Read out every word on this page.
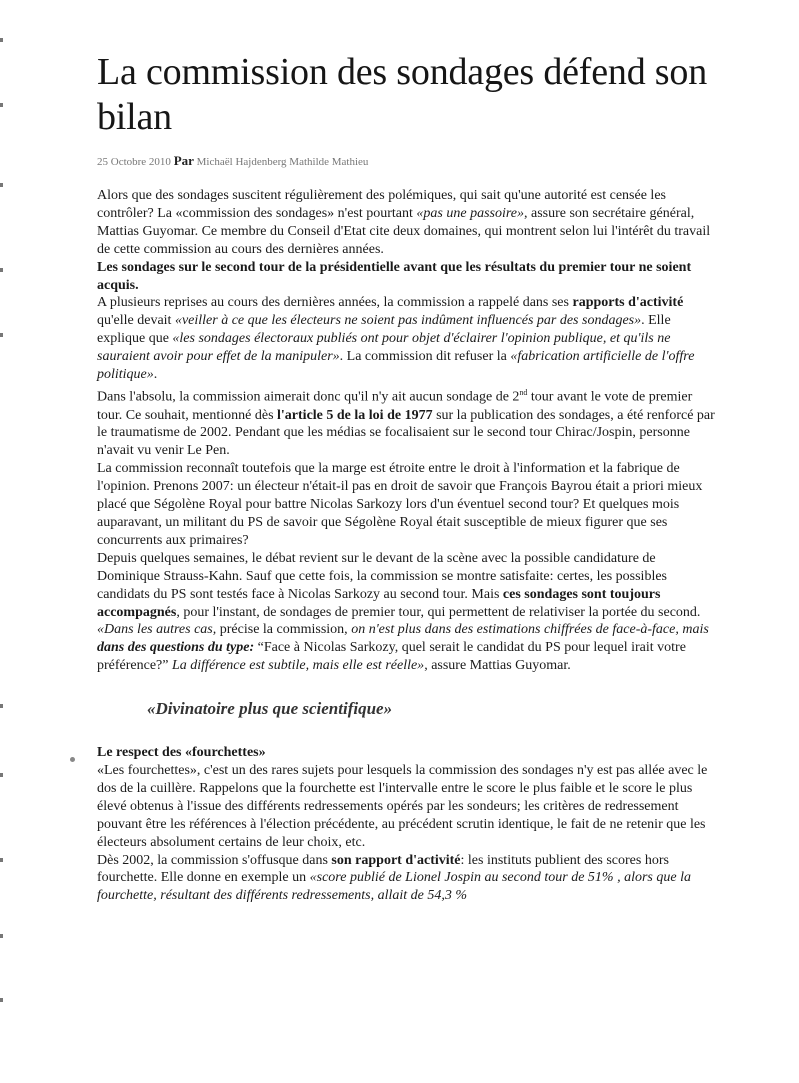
La commission des sondages défend son bilan
25 Octobre 2010 Par Michaël Hajdenberg Mathilde Mathieu

Alors que des sondages suscitent régulièrement des polémiques, qui sait qu'une autorité est censée les contrôler? La «commission des sondages» n'est pourtant «pas une passoire», assure son secrétaire général, Mattias Guyomar. Ce membre du Conseil d'Etat cite deux domaines, qui montrent selon lui l'intérêt du travail de cette commission au cours des dernières années.

Les sondages sur le second tour de la présidentielle avant que les résultats du premier tour ne soient acquis.

A plusieurs reprises au cours des dernières années, la commission a rappelé dans ses rapports d'activité qu'elle devait «veiller à ce que les électeurs ne soient pas indûment influencés par des sondages». Elle explique que «les sondages électoraux publiés ont pour objet d'éclairer l'opinion publique, et qu'ils ne sauraient avoir pour effet de la manipuler». La commission dit refuser la «fabrication artificielle de l'offre politique».

Dans l'absolu, la commission aimerait donc qu'il n'y ait aucun sondage de 2nd tour avant le vote de premier tour. Ce souhait, mentionné dès l'article 5 de la loi de 1977 sur la publication des sondages, a été renforcé par le traumatisme de 2002. Pendant que les médias se focalisaient sur le second tour Chirac/Jospin, personne n'avait vu venir Le Pen.

La commission reconnaît toutefois que la marge est étroite entre le droit à l'information et la fabrique de l'opinion. Prenons 2007: un électeur n'était-il pas en droit de savoir que François Bayrou était a priori mieux placé que Ségolène Royal pour battre Nicolas Sarkozy lors d'un éventuel second tour? Et quelques mois auparavant, un militant du PS de savoir que Ségolène Royal était susceptible de mieux figurer que ses concurrents aux primaires?

Depuis quelques semaines, le débat revient sur le devant de la scène avec la possible candidature de Dominique Strauss-Kahn. Sauf que cette fois, la commission se montre satisfaite: certes, les possibles candidats du PS sont testés face à Nicolas Sarkozy au second tour. Mais ces sondages sont toujours accompagnés, pour l'instant, de sondages de premier tour, qui permettent de relativiser la portée du second. «Dans les autres cas, précise la commission, on n'est plus dans des estimations chiffrées de face-à-face, mais dans des questions du type: “Face à Nicolas Sarkozy, quel serait le candidat du PS pour lequel irait votre préférence?” La différence est subtile, mais elle est réelle», assure Mattias Guyomar.

«Divinatoire plus que scientifique»

Le respect des «fourchettes»

«Les fourchettes», c'est un des rares sujets pour lesquels la commission des sondages n'y est pas allée avec le dos de la cuillère. Rappelons que la fourchette est l'intervalle entre le score le plus faible et le score le plus élevé obtenus à l'issue des différents redressements opérés par les sondeurs; les critères de redressement pouvant être les références à l'élection précédente, au précédent scrutin identique, le fait de ne retenir que les électeurs absolument certains de leur choix, etc.

Dès 2002, la commission s'offusque dans son rapport d'activité: les instituts publient des scores hors fourchette. Elle donne en exemple un «score publié de Lionel Jospin au second tour de 51% , alors que la fourchette, résultant des différents redressements, allait de 54,3 %
